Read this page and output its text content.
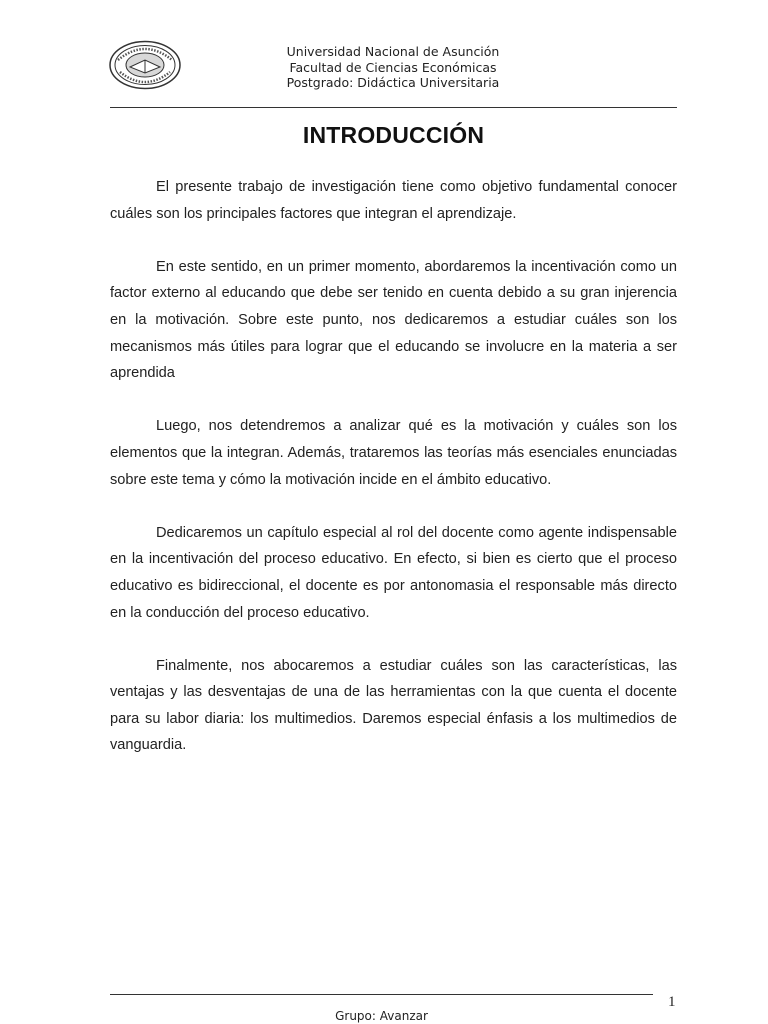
Universidad Nacional de Asunción
Facultad de Ciencias Económicas
Postgrado: Didáctica Universitaria
INTRODUCCIÓN

El presente trabajo de investigación tiene como objetivo fundamental conocer cuáles son los principales factores que integran el aprendizaje.

En este sentido, en un primer momento, abordaremos la incentivación como un factor externo al educando que debe ser tenido en cuenta debido a su gran injerencia en la motivación. Sobre este punto, nos dedicaremos a estudiar cuáles son los mecanismos más útiles para lograr que el educando se involucre en la materia a ser aprendida

Luego, nos detendremos a analizar qué es la motivación y cuáles son los elementos que la integran. Además, trataremos las teorías más esenciales enunciadas sobre este tema y cómo la motivación incide en el ámbito educativo.

Dedicaremos un capítulo especial al rol del docente como agente indispensable en la incentivación del proceso educativo. En efecto, si bien es cierto que el proceso educativo es bidireccional, el docente es por antonomasia el responsable más directo en la conducción del proceso educativo.

Finalmente, nos abocaremos a estudiar cuáles son las características, las ventajas y las desventajas de una de las herramientas con la que cuenta el docente para su labor diaria: los multimedios. Daremos especial énfasis a los multimedios de vanguardia.

1
Grupo: Avanzar
